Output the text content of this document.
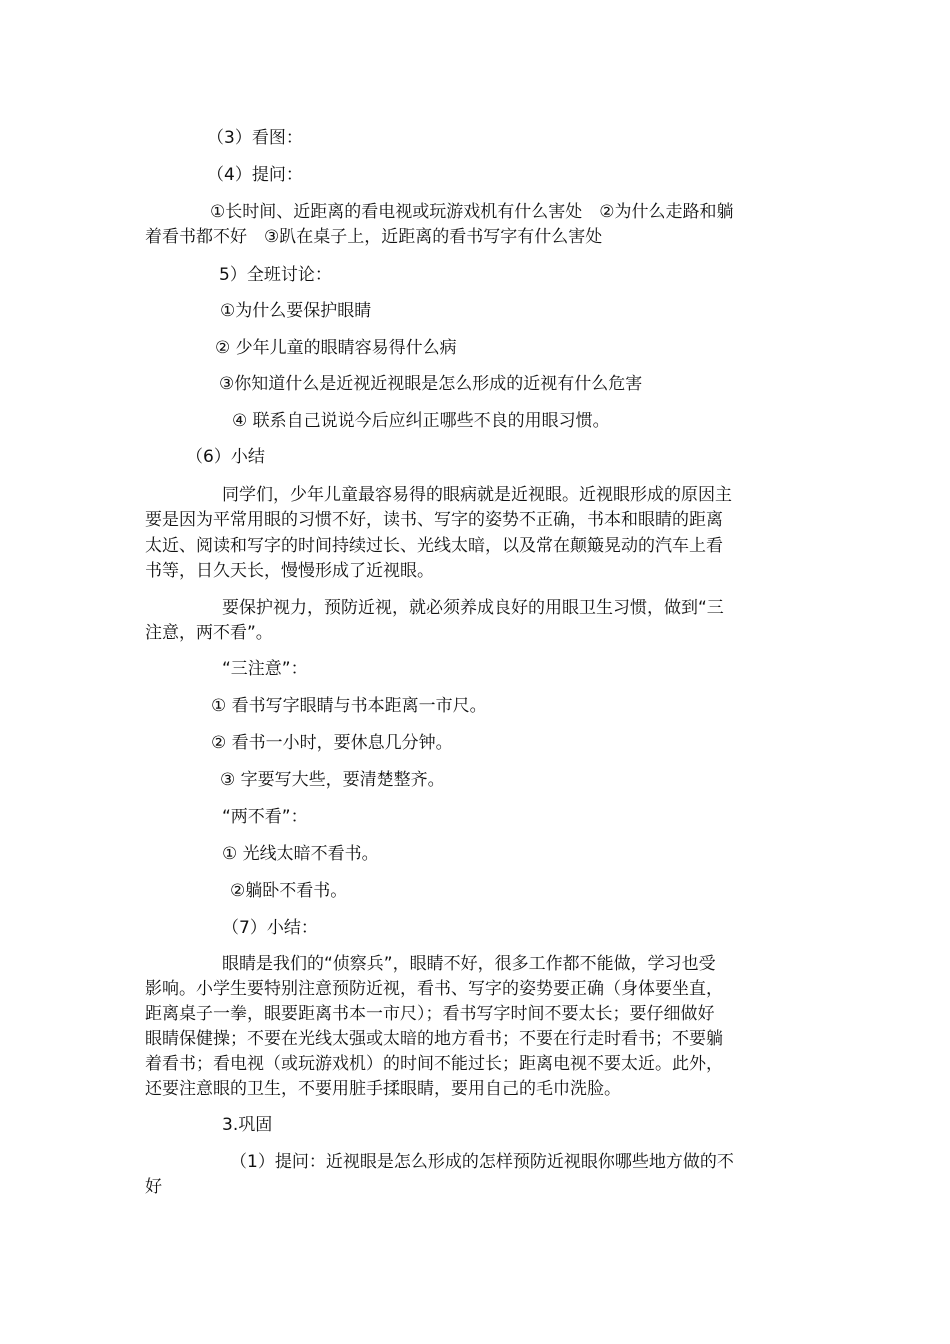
（3）看图：
（4）提问：
①长时间、近距离的看电视或玩游戏机有什么害处　②为什么走路和躺
着看书都不好　③趴在桌子上，近距离的看书写字有什么害处
5）全班讨论：
①为什么要保护眼睛
② 少年儿童的眼睛容易得什么病
③你知道什么是近视近视眼是怎么形成的近视有什么危害
④ 联系自己说说今后应纠正哪些不良的用眼习惯。
（6）小结
同学们，少年儿童最容易得的眼病就是近视眼。近视眼形成的原因主
要是因为平常用眼的习惯不好，读书、写字的姿势不正确，书本和眼睛的距离
太近、阅读和写字的时间持续过长、光线太暗，以及常在颠簸晃动的汽车上看
书等，日久天长，慢慢形成了近视眼。
要保护视力，预防近视，就必须养成良好的用眼卫生习惯，做到“三
注意，两不看”。
“三注意”：
① 看书写字眼睛与书本距离一市尺。
② 看书一小时，要休息几分钟。
③ 字要写大些，要清楚整齐。
“两不看”：
① 光线太暗不看书。
②躺卧不看书。
（7）小结：
眼睛是我们的“侦察兵”，眼睛不好，很多工作都不能做，学习也受
影响。小学生要特别注意预防近视，看书、写字的姿势要正确（身体要坐直，
距离桌子一拳，眼要距离书本一市尺）；看书写字时间不要太长；要仔细做好
眼睛保健操；不要在光线太强或太暗的地方看书；不要在行走时看书；不要躺
着看书；看电视（或玩游戏机）的时间不能过长；距离电视不要太近。此外，
还要注意眼的卫生，不要用脏手揉眼睛，要用自己的毛巾洗脸。
3.巩固
（1）提问：近视眼是怎么形成的怎样预防近视眼你哪些地方做的不
好
